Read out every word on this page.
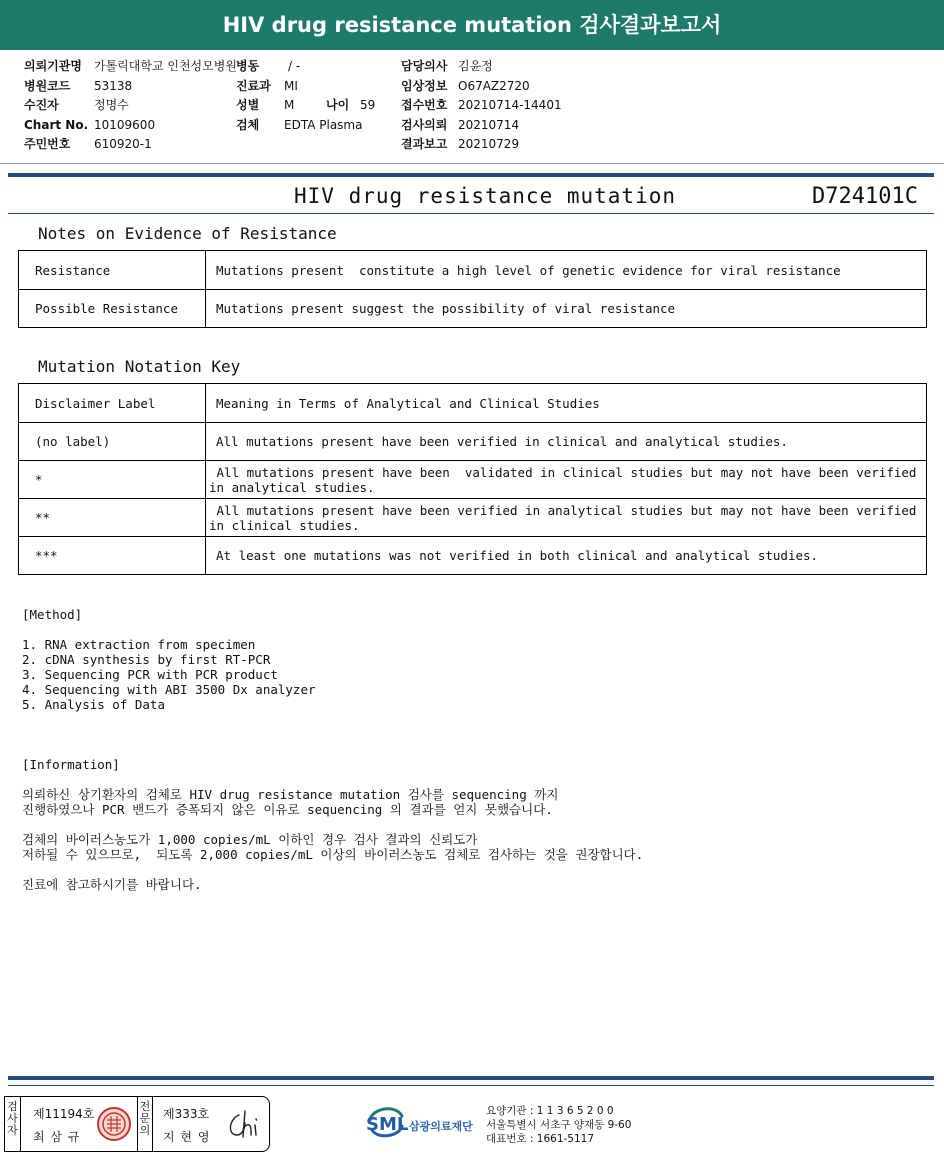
HIV drug resistance mutation 검사결과보고서
의뢰기관명 가톨릭대학교 인천성모병원
병원코드 53138
수진자	정명수
Chart No. 10109600
주민번호 610920-1
병동 / -
진료과 MI
성별 M	나이 59
검체 EDTA Plasma
담당의사 김윤정
임상정보 O67AZ2720
접수번호 20210714-14401
검사의뢰 20210714
결과보고 20210729
HIV drug resistance mutation	D724101C
Notes on Evidence of Resistance
Resistance	Mutations present  constitute a high level of genetic evidence for viral resistance
Possible Resistance	Mutations present suggest the possibility of viral resistance
Mutation Notation Key
Disclaimer Label	Meaning in Terms of Analytical and Clinical Studies
(no label)	All mutations present have been verified in clinical and analytical studies.
*	All mutations present have been  validated in clinical studies but may not have been verified in analytical studies.
**	All mutations present have been verified in analytical studies but may not have been verified in clinical studies.
***	At least one mutations was not verified in both clinical and analytical studies.
[Method]
1. RNA extraction from specimen
2. cDNA synthesis by first RT-PCR
3. Sequencing PCR with PCR product
4. Sequencing with ABI 3500 Dx analyzer
5. Analysis of Data
[Information]
의뢰하신 상기환자의 검체로 HIV drug resistance mutation 검사를 sequencing 까지
진행하였으나 PCR 밴드가 증폭되지 않은 이유로 sequencing 의 결과를 얻지 못했습니다.
검체의 바이러스농도가 1,000 copies/mL 이하인 경우 검사 결과의 신뢰도가
저하될 수 있으므로,  되도록 2,000 copies/mL 이상의 바이러스농도 검체로 검사하는 것을 권장합니다.
진료에 참고하시기를 바랍니다.
검사자
제11194호
최 삼 규
전문의
제333호
지 현 영
SML 삼광의료재단
요양기관 : 1 1 3 6 5 2 0 0
서울특별시 서초구 양재동 9-60
대표번호 : 1661-5117
